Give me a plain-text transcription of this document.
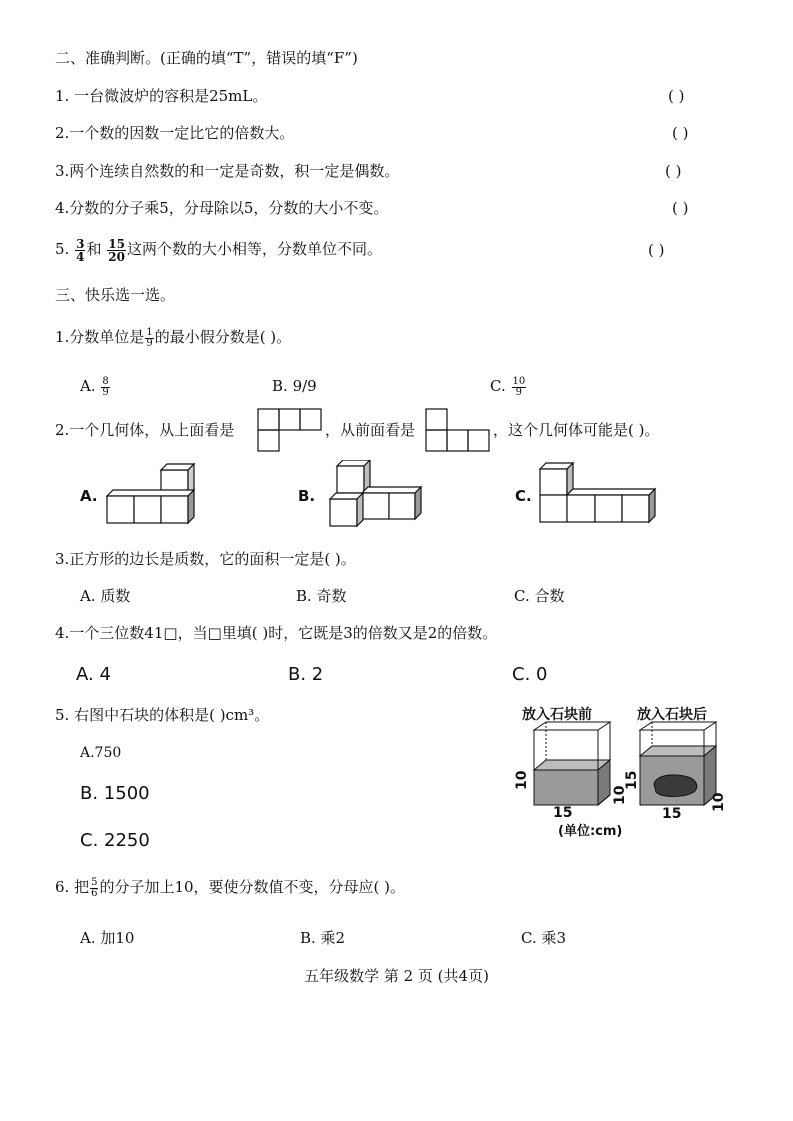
二、准确判断。(正确的填“T”，错误的填“F”)
1. 一台微波炉的容积是25mL。	( )
2.一个数的因数一定比它的倍数大。	( )
3.两个连续自然数的和一定是奇数，积一定是偶数。	( )
4.分数的分子乘5，分母除以5，分数的大小不变。	( )
5. $\frac{3}{4}$ 和 $\frac{15}{20}$ 这两个数的大小相等，分数单位不同。	( )
三、快乐选一选。
1.分数单位是 $\frac{1}{9}$ 的最小假分数是( )。
A. $\frac{8}{9}$	B. 9/9	C. $\frac{10}{9}$
2.一个几何体，从上面看是	，从前面看是	，这个几何体可能是( )。
A.	B.	C.
3.正方形的边长是质数，它的面积一定是( )。
A. 质数	B. 奇数	C. 合数
4.一个三位数41□，当□里填( )时，它既是3的倍数又是2的倍数。
A. 4	B. 2	C. 0
5. 右图中石块的体积是( )cm³。
A.750
B. 1500
C. 2250
放入石块前	放入石块后
10
15
10
15
15
10
(单位:cm)
6. 把 $\frac{5}{6}$ 的分子加上10，要使分数值不变，分母应( )。
A. 加10	B. 乘2	C. 乘3
五年级数学 第 2 页 (共4页)
